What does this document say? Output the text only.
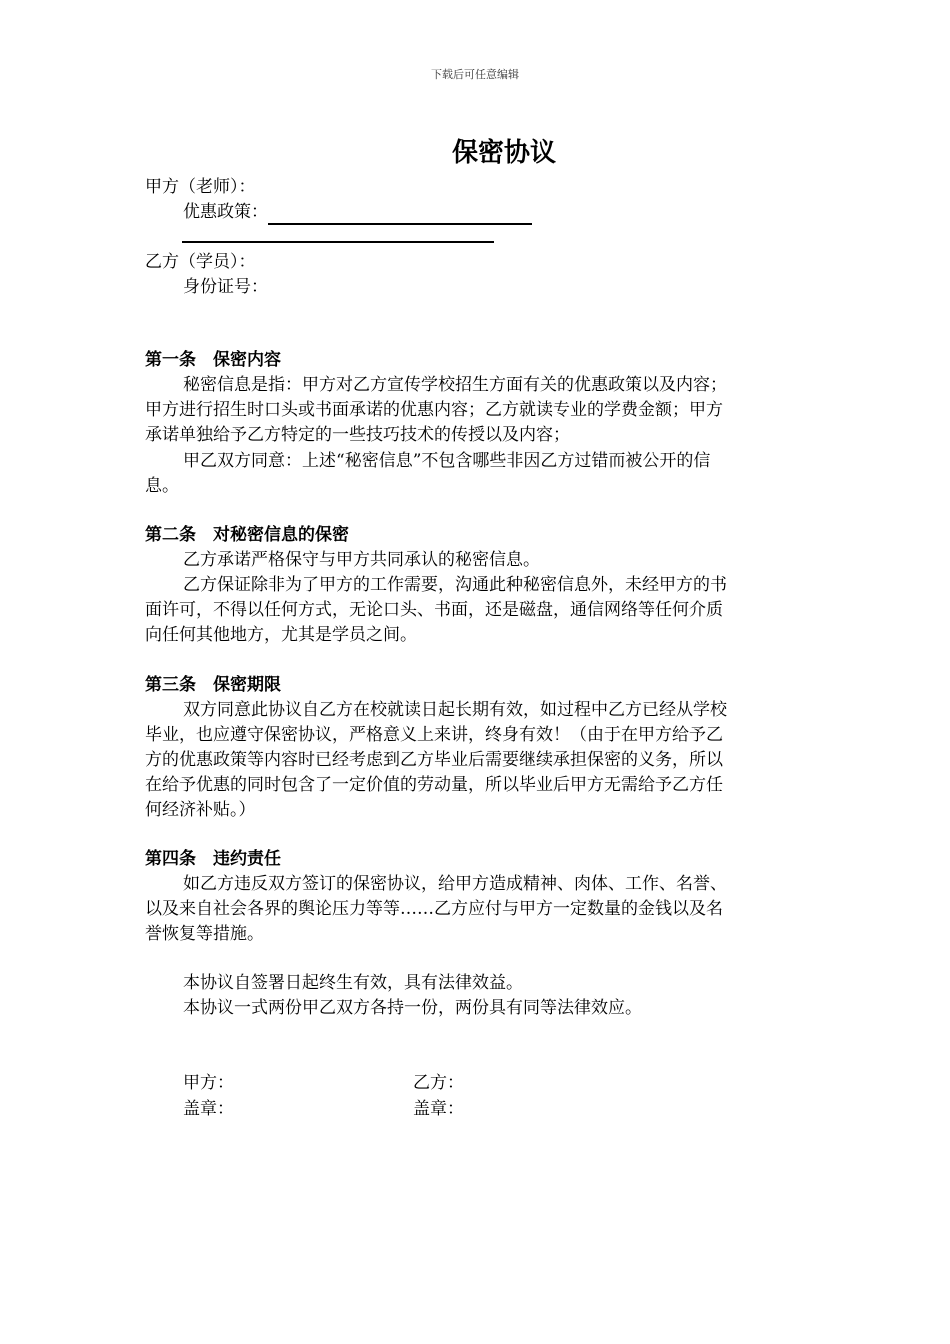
下载后可任意编辑
保密协议
甲方（老师）：
优惠政策：
乙方（学员）：
身份证号：
第一条　保密内容
秘密信息是指：甲方对乙方宣传学校招生方面有关的优惠政策以及内容；
甲方进行招生时口头或书面承诺的优惠内容；乙方就读专业的学费金额；甲方
承诺单独给予乙方特定的一些技巧技术的传授以及内容；
甲乙双方同意：上述“秘密信息”不包含哪些非因乙方过错而被公开的信
息。
第二条　对秘密信息的保密
乙方承诺严格保守与甲方共同承认的秘密信息。
乙方保证除非为了甲方的工作需要，沟通此种秘密信息外，未经甲方的书
面许可，不得以任何方式，无论口头、书面，还是磁盘，通信网络等任何介质
向任何其他地方，尤其是学员之间。
第三条　保密期限
双方同意此协议自乙方在校就读日起长期有效，如过程中乙方已经从学校
毕业，也应遵守保密协议，严格意义上来讲，终身有效！（由于在甲方给予乙
方的优惠政策等内容时已经考虑到乙方毕业后需要继续承担保密的义务，所以
在给予优惠的同时包含了一定价值的劳动量，所以毕业后甲方无需给予乙方任
何经济补贴。）
第四条　违约责任
如乙方违反双方签订的保密协议，给甲方造成精神、肉体、工作、名誉、
以及来自社会各界的舆论压力等等……乙方应付与甲方一定数量的金钱以及名
誉恢复等措施。
本协议自签署日起终生有效，具有法律效益。
本协议一式两份甲乙双方各持一份，两份具有同等法律效应。
甲方：	乙方：
盖章：	盖章：
